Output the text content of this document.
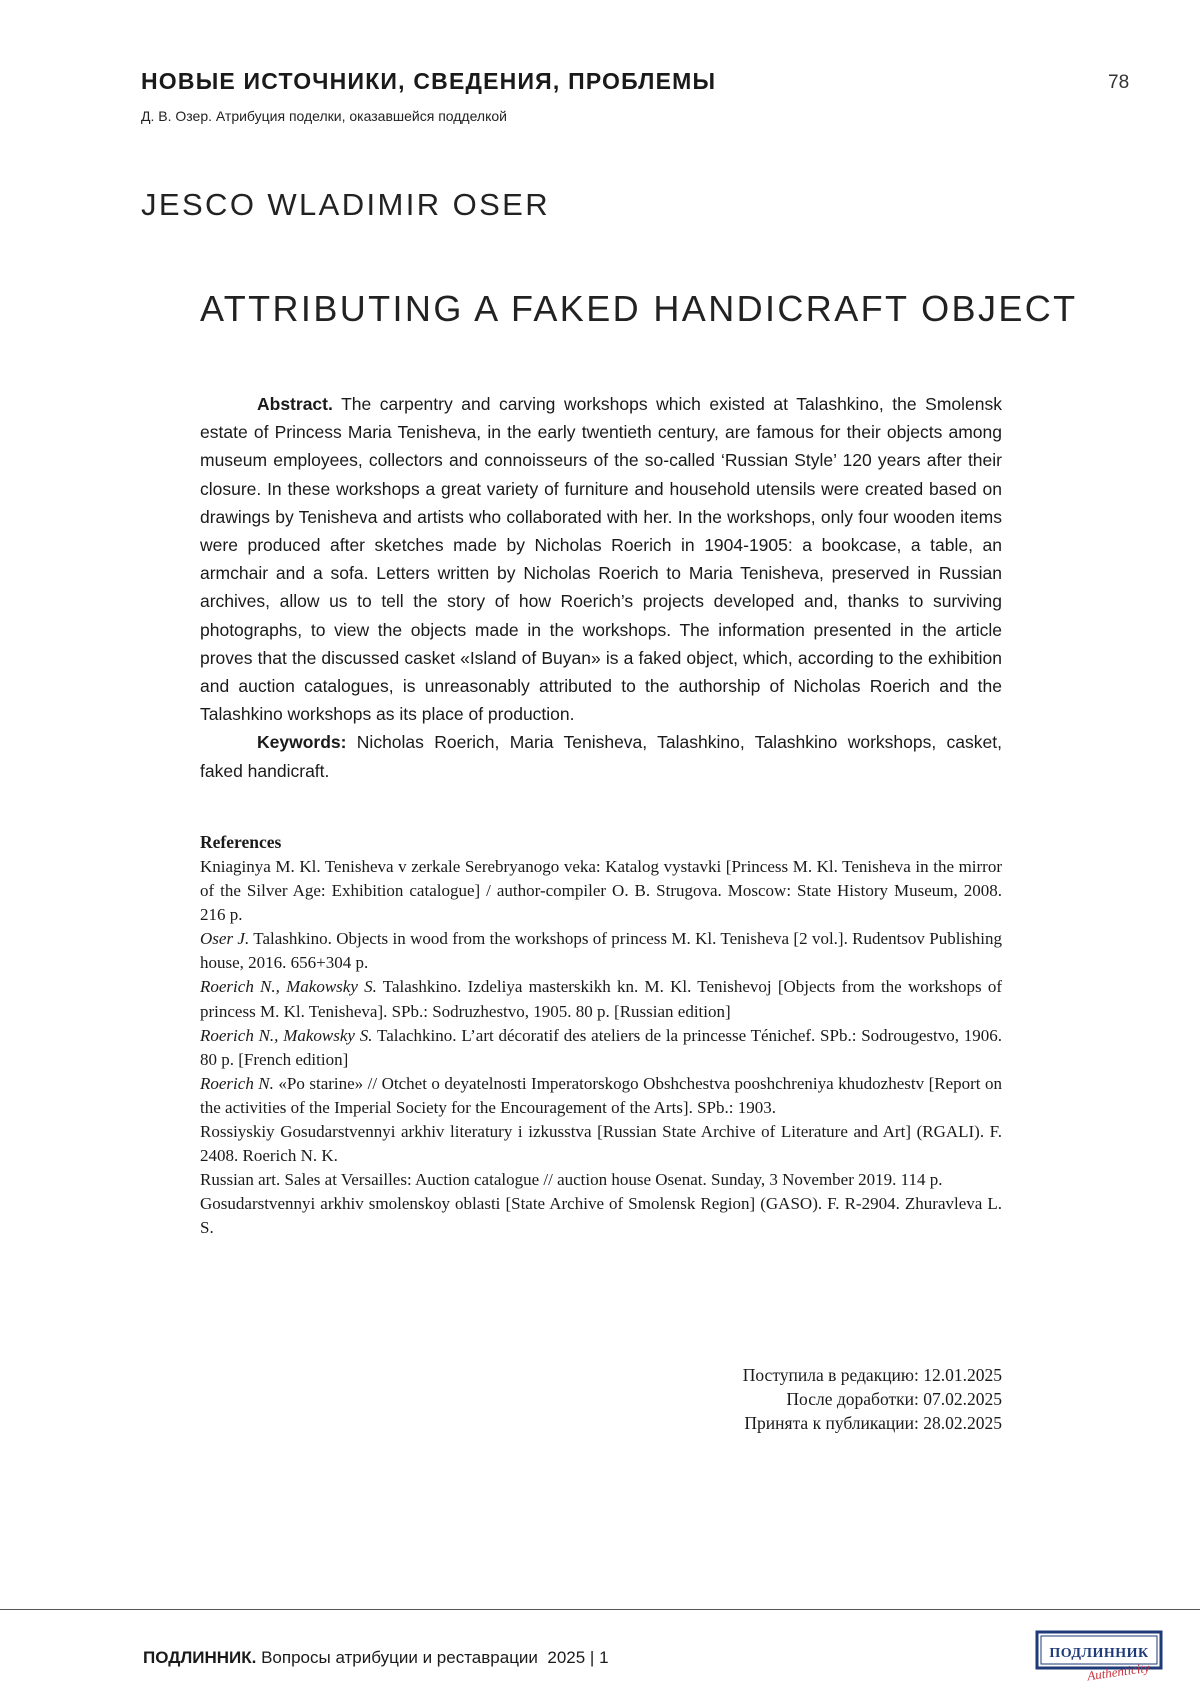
НОВЫЕ ИСТОЧНИКИ, СВЕДЕНИЯ, ПРОБЛЕМЫ
Д. В. Озер. Атрибуция поделки, оказавшейся подделкой
78
JESCO WLADIMIR OSER
ATTRIBUTING A FAKED HANDICRAFT OBJECT

Abstract. The carpentry and carving workshops which existed at Talashkino, the Smolensk estate of Princess Maria Tenisheva, in the early twentieth century, are famous for their objects among museum employees, collectors and connoisseurs of the so-called ‘Russian Style’ 120 years after their closure. In these workshops a great variety of furniture and household utensils were created based on drawings by Tenisheva and artists who collaborated with her. In the workshops, only four wooden items were produced after sketches made by Nicholas Roerich in 1904-1905: a bookcase, a table, an armchair and a sofa. Letters written by Nicholas Roerich to Maria Tenisheva, preserved in Russian archives, allow us to tell the story of how Roerich’s projects developed and, thanks to surviving photographs, to view the objects made in the workshops. The information presented in the article proves that the discussed casket «Island of Buyan» is a faked object, which, according to the exhibition and auction catalogues, is unreasonably attributed to the authorship of Nicholas Roerich and the Talashkino workshops as its place of production.

Keywords: Nicholas Roerich, Maria Tenisheva, Talashkino, Talashkino workshops, casket, faked handicraft.

References

Kniaginya M. Kl. Tenisheva v zerkale Serebryanogo veka: Katalog vystavki [Princess M. Kl. Tenisheva in the mirror of the Silver Age: Exhibition catalogue] / author-compiler O. B. Strugova. Moscow: State History Museum, 2008. 216 p.

Oser J. Talashkino. Objects in wood from the workshops of princess M. Kl. Tenisheva [2 vol.]. Rudentsov Publishing house, 2016. 656+304 p.

Roerich N., Makowsky S. Talashkino. Izdeliya masterskikh kn. M. Kl. Tenishevoj [Objects from the workshops of princess M. Kl. Tenisheva]. SPb.: Sodruzhestvo, 1905. 80 p. [Russian edition]

Roerich N., Makowsky S. Talachkino. L’art décoratif des ateliers de la princesse Ténichef. SPb.: Sodrougestvo, 1906. 80 p. [French edition]

Roerich N. «Po starine» // Otchet o deyatelnosti Imperatorskogo Obshchestva pooshchreniya khudozhestv [Report on the activities of the Imperial Society for the Encouragement of the Arts]. SPb.: 1903.

Rossiyskiy Gosudarstvennyi arkhiv literatury i izkusstva [Russian State Archive of Literature and Art] (RGALI). F. 2408. Roerich N. K.

Russian art. Sales at Versailles: Auction catalogue // auction house Osenat. Sunday, 3 November 2019. 114 p.

Gosudarstvennyi arkhiv smolenskoy oblasti [State Archive of Smolensk Region] (GASO). F. R-2904. Zhuravleva L. S.

Поступила в редакцию: 12.01.2025
После доработки: 07.02.2025
Принята к публикации: 28.02.2025
ПОДЛИННИК. Вопросы атрибуции и реставрации 2025 | 1	ПОДЛИННИК
Authenticity
